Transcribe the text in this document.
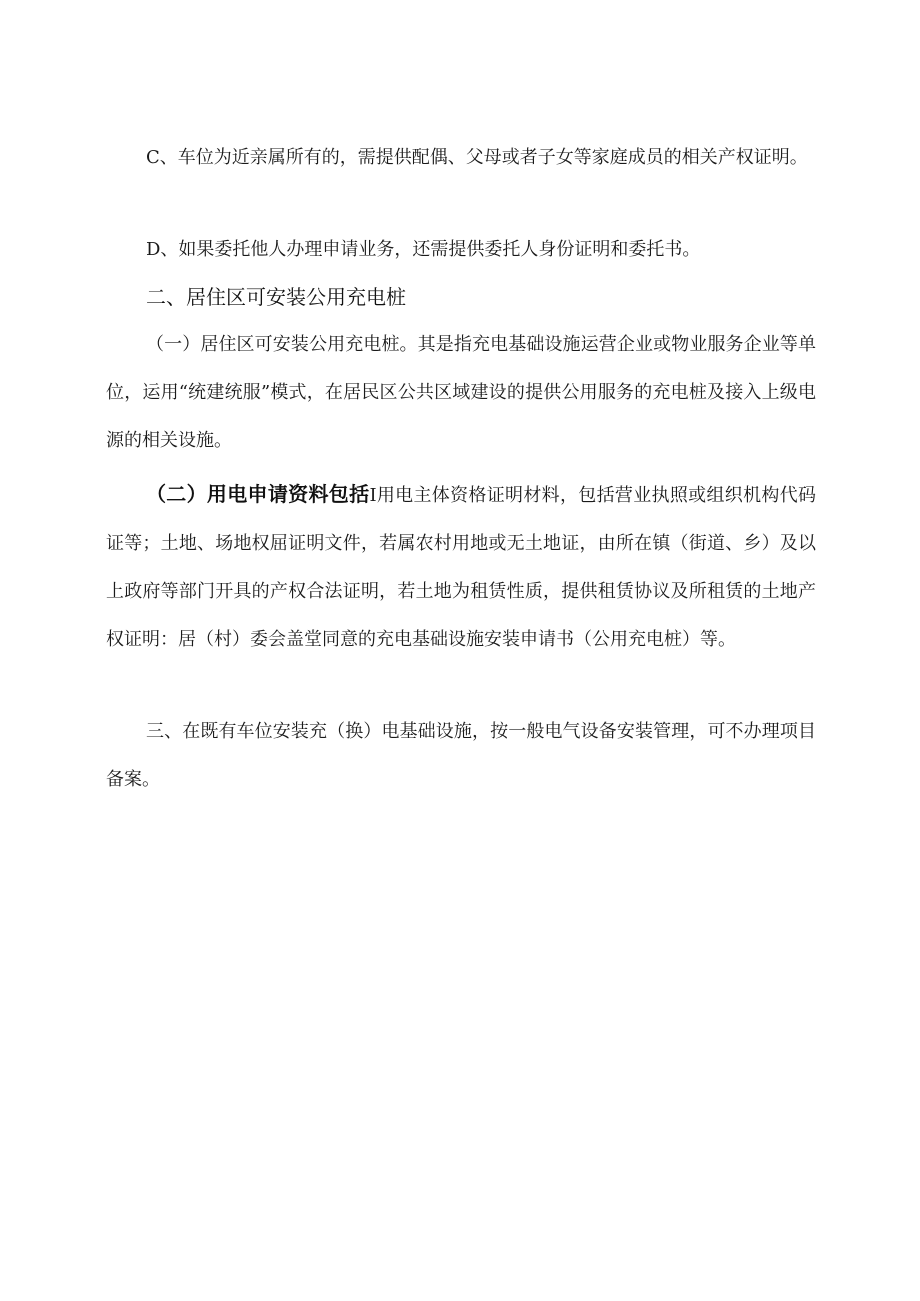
C、车位为近亲属所有的，需提供配偶、父母或者子女等家庭成员的相关产权证明。

D、如果委托他人办理申请业务，还需提供委托人身份证明和委托书。

二、居住区可安装公用充电桩

（一）居住区可安装公用充电桩。其是指充电基础设施运营企业或物业服务企业等单位，运用“统建统服”模式，在居民区公共区域建设的提供公用服务的充电桩及接入上级电源的相关设施。

（二）用电申请资料包括I用电主体资格证明材料，包括营业执照或组织机构代码证等；土地、场地权屈证明文件，若属农村用地或无土地证，由所在镇（街道、乡）及以上政府等部门开具的产权合法证明，若土地为租赁性质，提供租赁协议及所租赁的土地产权证明：居（村）委会盖堂同意的充电基础设施安装申请书（公用充电桩）等。

三、在既有车位安装充（换）电基础设施，按一般电气设备安装管理，可不办理项目备案。
